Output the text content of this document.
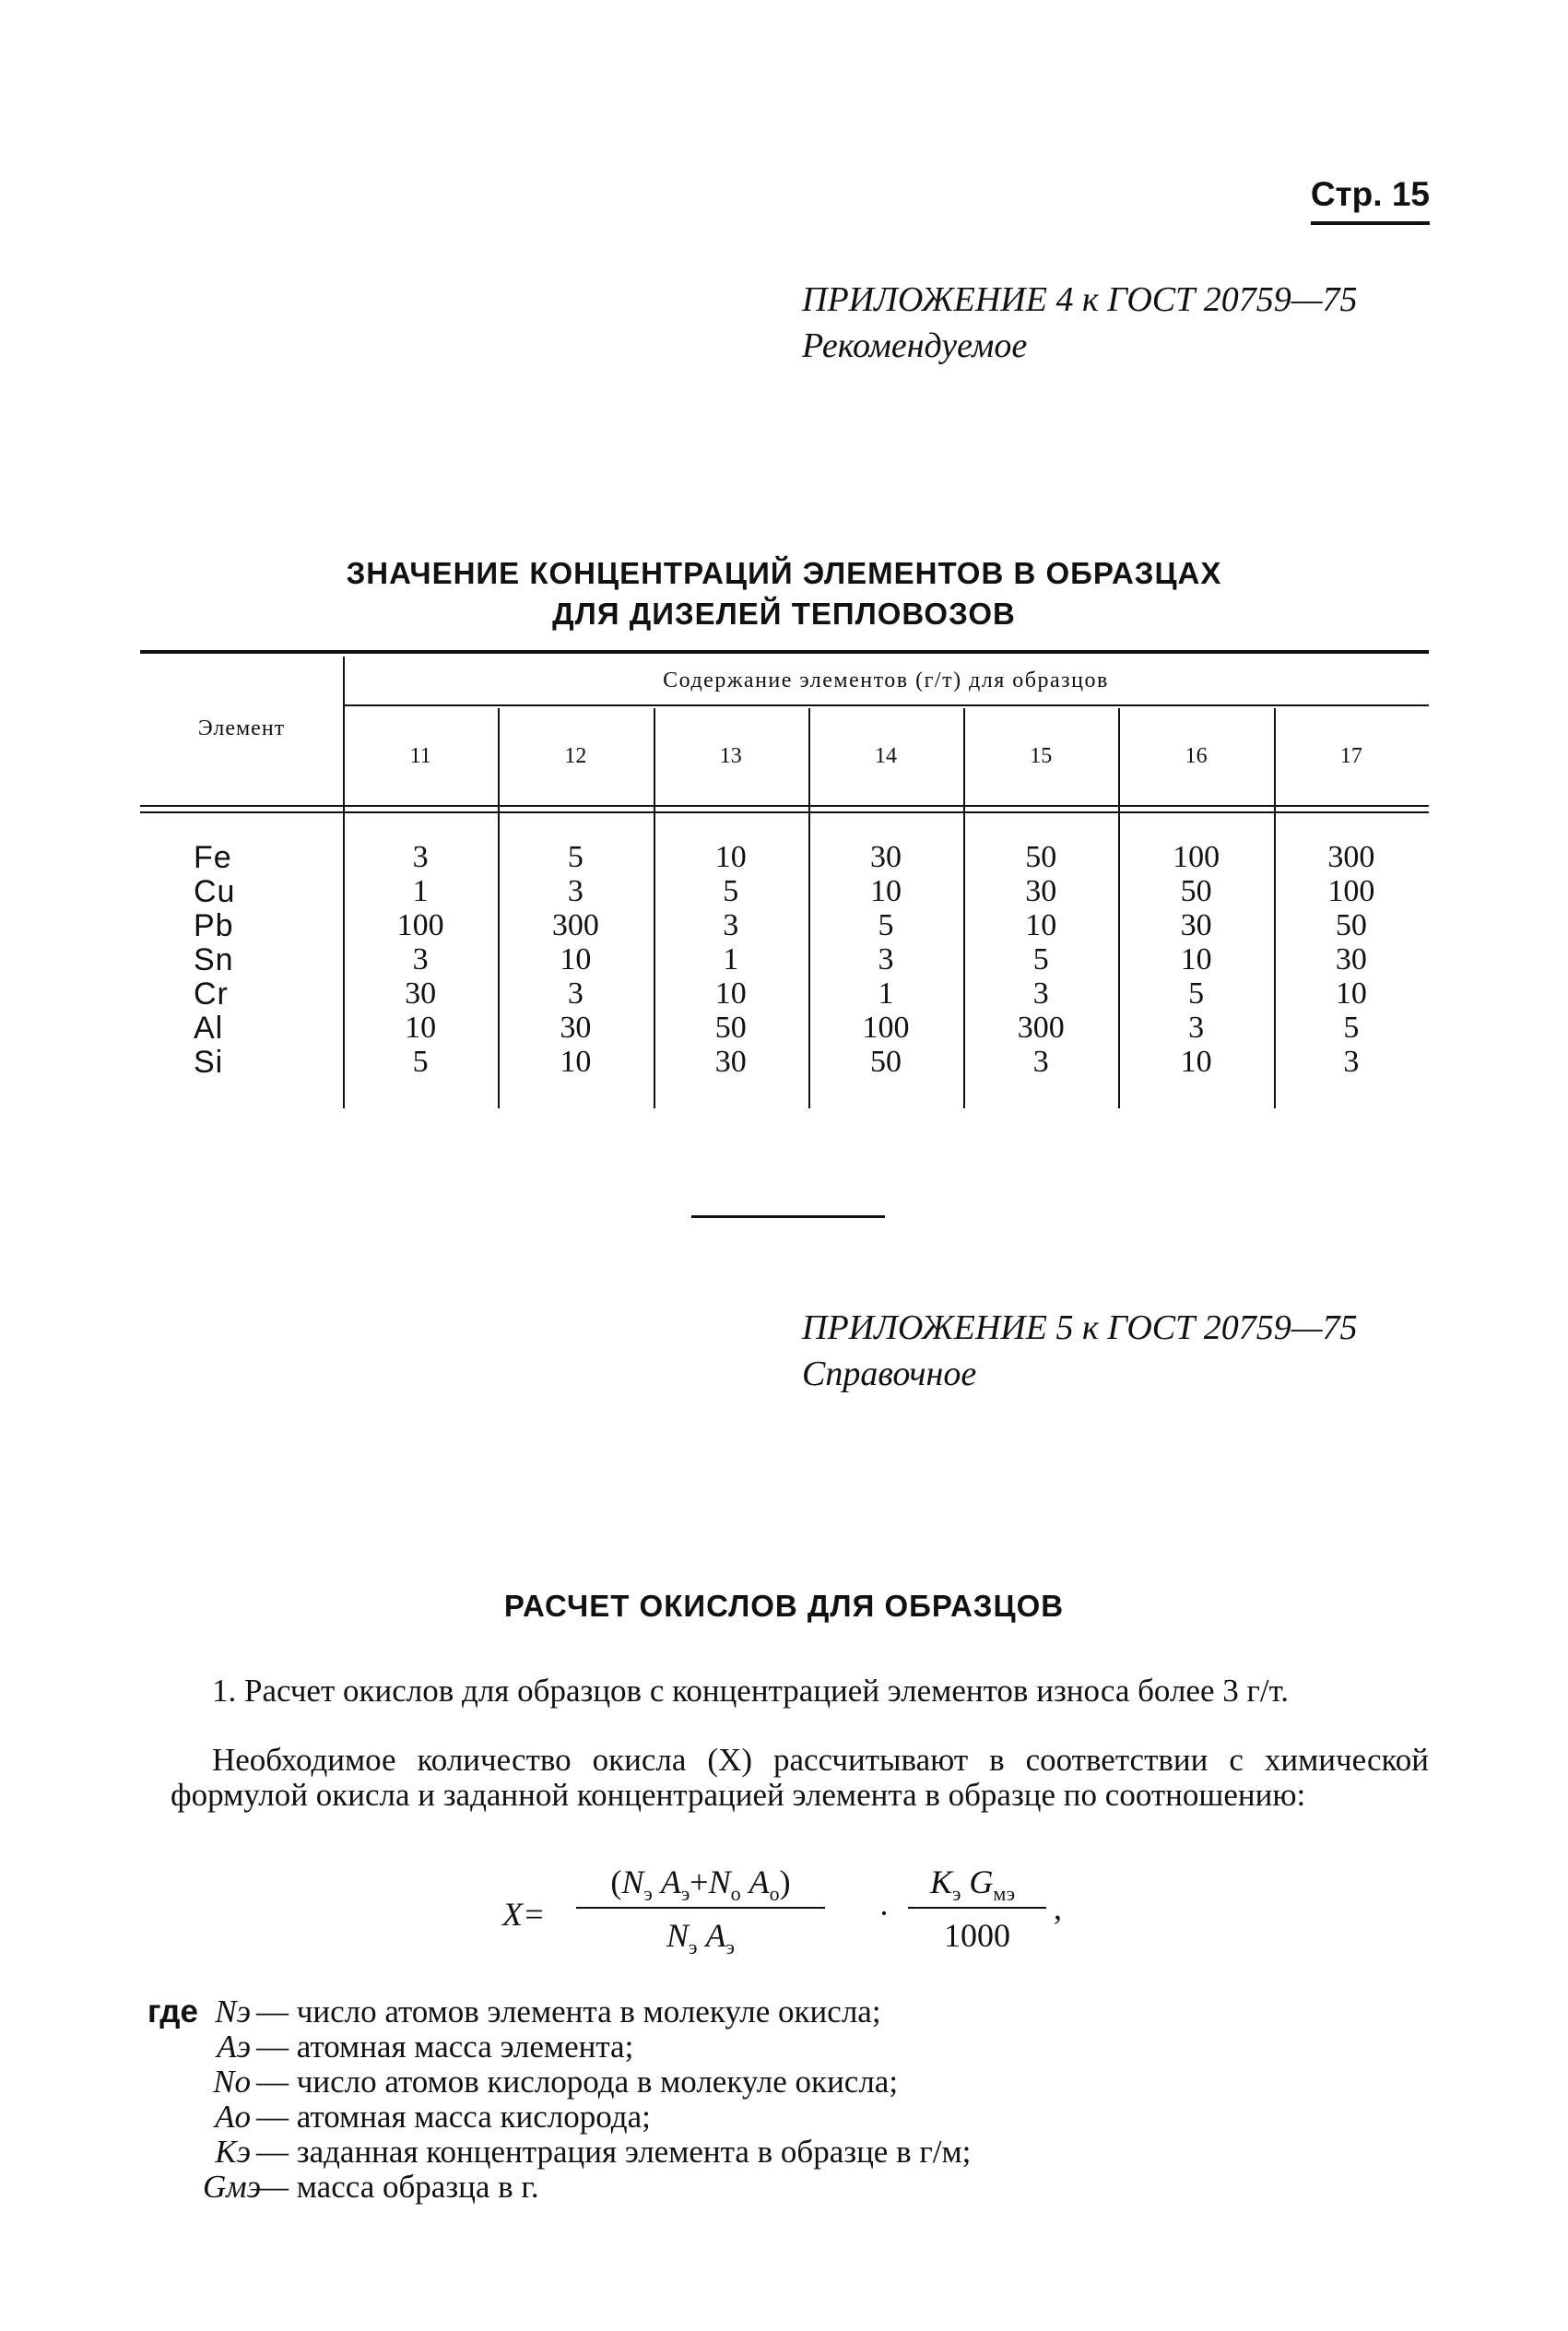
Стр. 15
ПРИЛОЖЕНИЕ 4 к ГОСТ 20759—75
Рекомендуемое
ЗНАЧЕНИЕ КОНЦЕНТРАЦИЙ ЭЛЕМЕНТОВ В ОБРАЗЦАХ
ДЛЯ ДИЗЕЛЕЙ ТЕПЛОВОЗОВ
Элемент
Содержание элементов (г/т) для образцов
11	12	13	14	15	16	17
Fe	3	5	10	30	50	100	300
Cu	1	3	5	10	30	50	100
Pb	100	300	3	5	10	30	50
Sn	3	10	1	3	5	10	30
Cr	30	3	10	1	3	5	10
Al	10	30	50	100	300	3	5
Si	5	10	30	50	3	10	3
ПРИЛОЖЕНИЕ 5 к ГОСТ 20759—75
Справочное
РАСЧЕТ ОКИСЛОВ ДЛЯ ОБРАЗЦОВ
1. Расчет окислов для образцов с концентрацией элементов износа более 3 г/т.
Необходимое количество окисла (X) рассчитывают в соответствии с химической формулой окисла и заданной концентрацией элемента в образце по соотношению:
X=
($N_э$ $A_э+N_о$ $A_о$)
$N_э$ $A_э$
·
$K_э$ $G_{мэ}$
1000
,
где Nэ — число атомов элемента в молекуле окисла;
Aэ — атомная масса элемента;
No — число атомов кислорода в молекуле окисла;
Ao — атомная масса кислорода;
Kэ — заданная концентрация элемента в образце в г/м;
Gмэ
— масса образца в г.
